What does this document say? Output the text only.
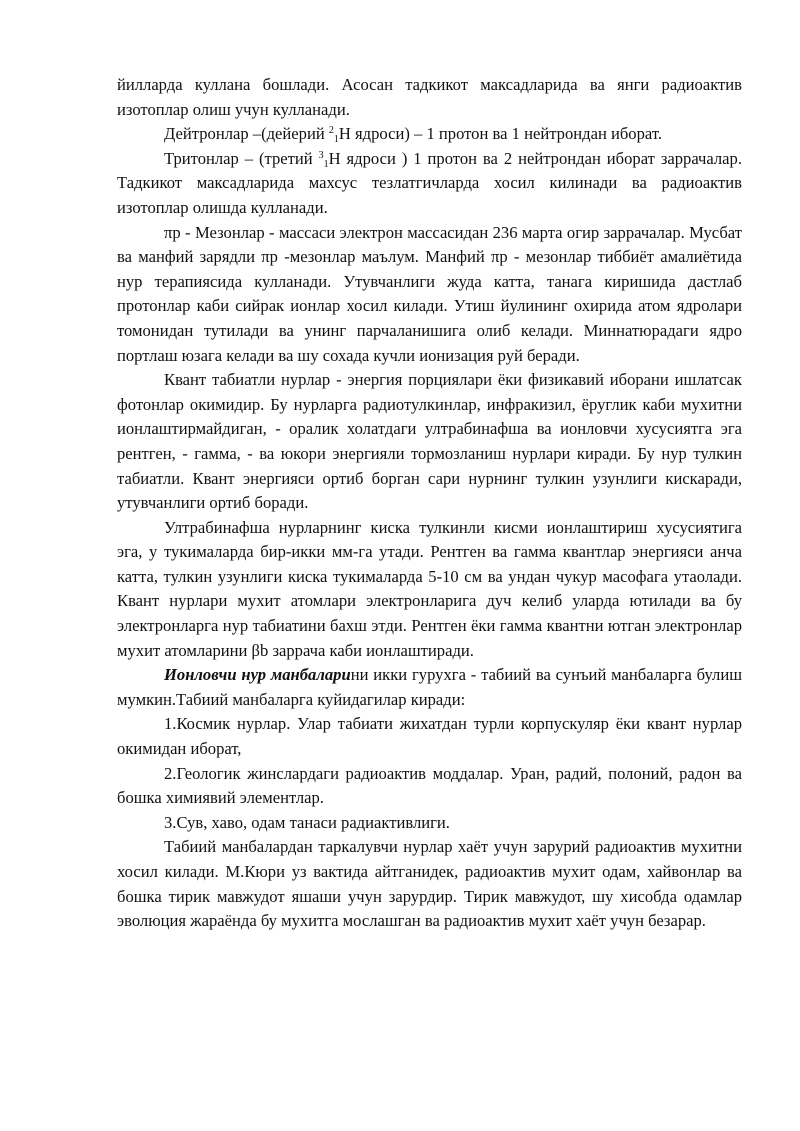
йилларда кулланa бошлади. Асосан тадкикот максадларида ва янги радиоактив изотоплар олиш учун кулланади.

Дейтронлар –(дейерий $^2_1$Н ядроси) – 1 протон ва 1 нейтрондан иборат.

Тритонлар – (третий $^3_1$Н ядроси ) 1 протон ва 2 нейтрондан иборат заррачалар. Тадкикот максадларида махсус тезлатгичларда хосил килинади ва радиоактив изотоплар олишда кулланади.

πр - Мезонлар - массаси электрон массасидан 236 марта огир заррачалар. Мусбат ва манфий зарядли πр -мезонлар маълум. Манфий πр - мезонлар тиббиёт амалиётида нур терапиясида кулланади. Утувчанлиги жуда катта, танага киришида дастлаб протонлар каби сийрак ионлар хосил килади. Утиш йулининг охирида атом ядролари томонидан тутилади ва унинг парчаланишига олиб келади. Миннатюрадаги ядро портлаш юзага келади ва шу сохада кучли ионизация руй беради.

Квант табиатли нурлар - энергия порциялари ёки физикавий иборани ишлатсак фотонлар окимидир. Бу нурларга радиотулкинлар, инфракизил, ёруглик каби мухитни ионлаштирмайдиган, - оралик холатдаги ултрабинафша ва ионловчи хусусиятга эга рентген, - гамма, - ва юкори энергияли тормозланиш нурлари киради. Бу нур тулкин табиатли. Квант энергияси ортиб борган сари нурнинг тулкин узунлиги кискаради, утувчанлиги ортиб боради.

Ултрабинафша нурларнинг киска тулкинли кисми ионлаштириш хусусиятига эга, у тукималарда бир-икки мм-га утади. Рентген ва гамма квантлар энергияси анча катта, тулкин узунлиги киска тукималарда 5-10 см ва ундан чукур масофага утаолади. Квант нурлари мухит атомлари электронларига дуч келиб уларда ютилади ва бу электронларга нур табиатини бахш этди. Рентген ёки гамма квантни ютган электронлар мухит атомларини βb заррача каби ионлаштиради.

Ионловчи нур манбаларини икки гурухга - табиий ва сунъий манбаларга булиш мумкин.Табиий манбаларга куйидагилар киради:

1.Космик нурлар. Улар табиати жихатдан турли корпускуляр ёки квант нурлар окимидан иборат,

2.Геологик жинслардаги радиоактив моддалар. Уран, радий, полоний, радон ва бошка химиявий элементлар.

3.Сув, хаво, одам танаси радиактивлиги.

Табиий манбалардан таркалувчи нурлар хаёт учун зарурий радиоактив мухитни хосил килади. М.Кюри уз вактида айтганидек, радиоактив мухит одам, хайвонлар ва бошка тирик мавжудот яшаши учун зарурдир. Тирик мавжудот, шу хисобда одамлар эволюция жараёнда бу мухитга мослашган ва радиоактив мухит хаёт учун безарар.
